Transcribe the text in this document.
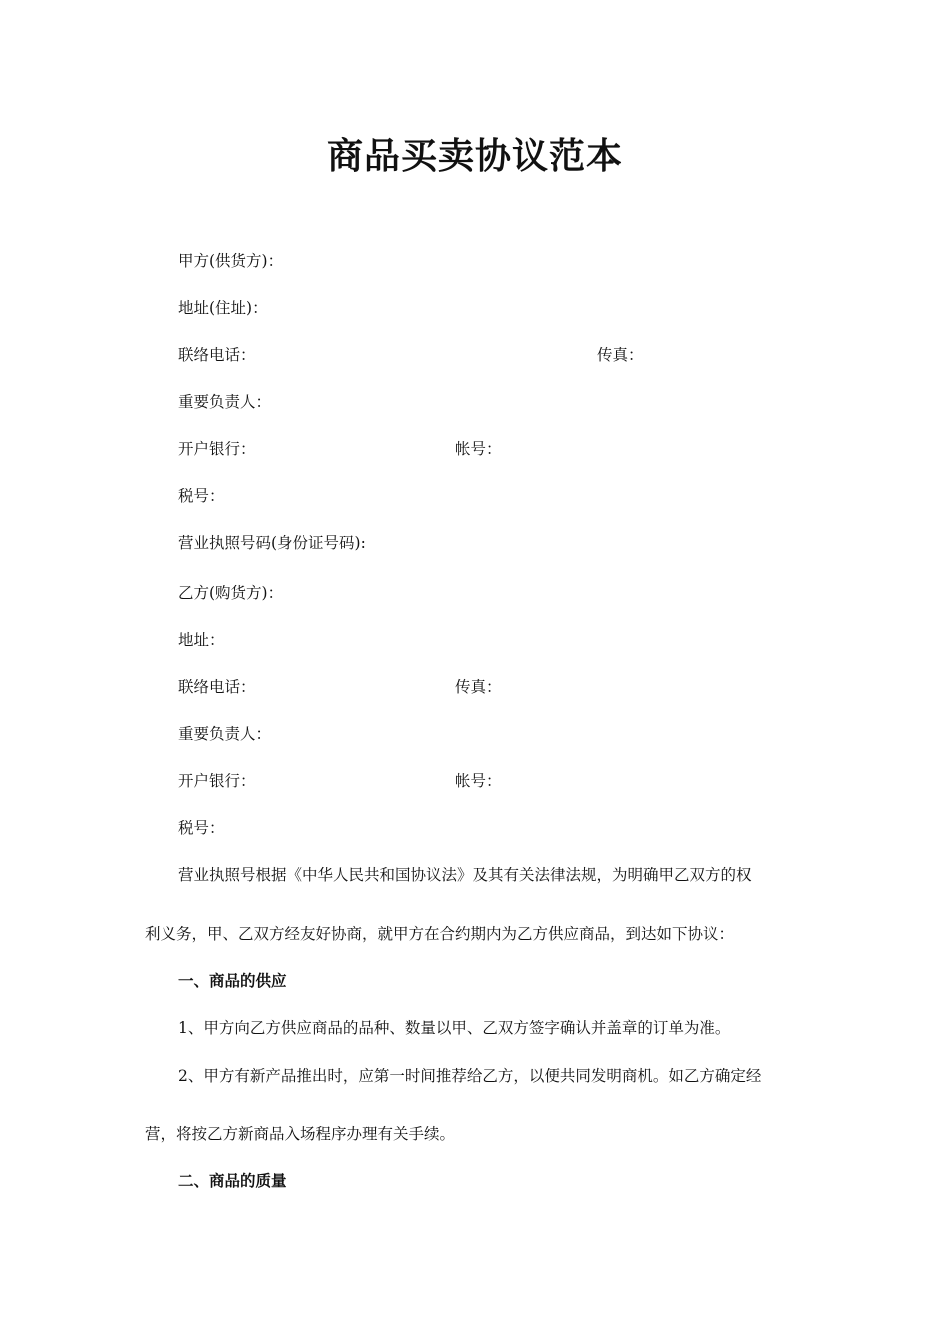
商品买卖协议范本
甲方(供货方)：
地址(住址)：
联络电话：	传真：
重要负责人：
开户银行：	帐号：
税号：
营业执照号码(身份证号码):
乙方(购货方)：
地址：
联络电话：	传真：
重要负责人：
开户银行：	帐号：
税号：
营业执照号根据《中华人民共和国协议法》及其有关法律法规，为明确甲乙双方的权
利义务，甲、乙双方经友好协商，就甲方在合约期内为乙方供应商品，到达如下协议：
一、商品的供应
1、甲方向乙方供应商品的品种、数量以甲、乙双方签字确认并盖章的订单为准。
2、甲方有新产品推出时，应第一时间推荐给乙方，以便共同发明商机。如乙方确定经
营，将按乙方新商品入场程序办理有关手续。
二、商品的质量
